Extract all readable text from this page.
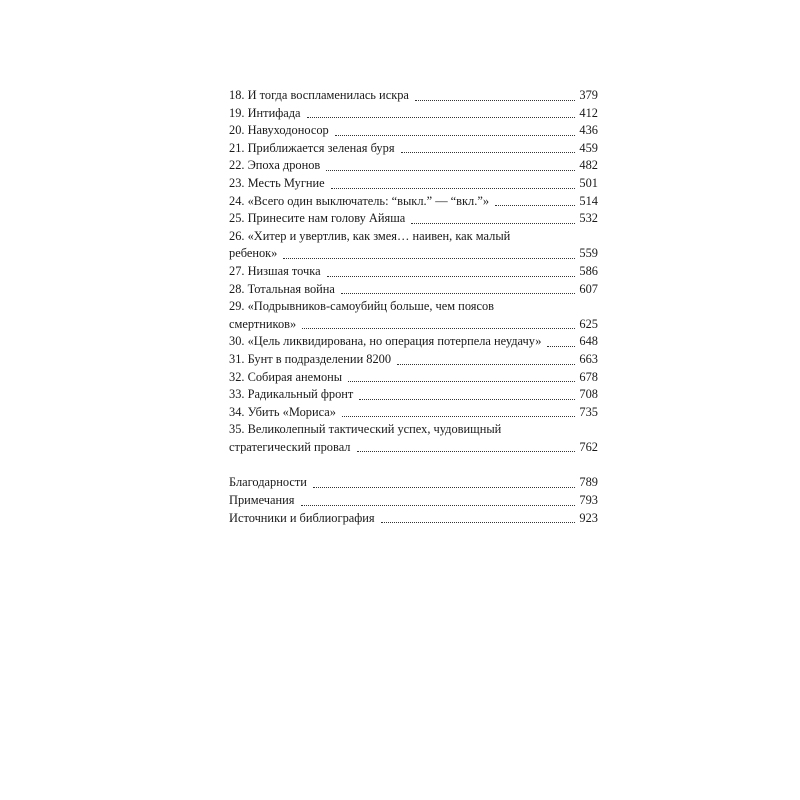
18. И тогда воспламенилась искра	379
19. Интифада	412
20. Навуходоносор	436
21. Приближается зеленая буря	459
22. Эпоха дронов	482
23. Месть Мугние	501
24. «Всего один выключатель: “выкл.” — “вкл.”»	514
25. Принесите нам голову Айяша	532
26. «Хитер и увертлив, как змея… наивен, как малый
ребенок»	559
27. Низшая точка	586
28. Тотальная война	607
29. «Подрывников-самоубийц больше, чем поясов
смертников»	625
30. «Цель ликвидирована, но операция потерпела неудачу»	648
31. Бунт в подразделении 8200	663
32. Собирая анемоны	678
33. Радикальный фронт	708
34. Убить «Мориса»	735
35. Великолепный тактический успех, чудовищный
стратегический провал	762
Благодарности	789
Примечания	793
Источники и библиография	923
